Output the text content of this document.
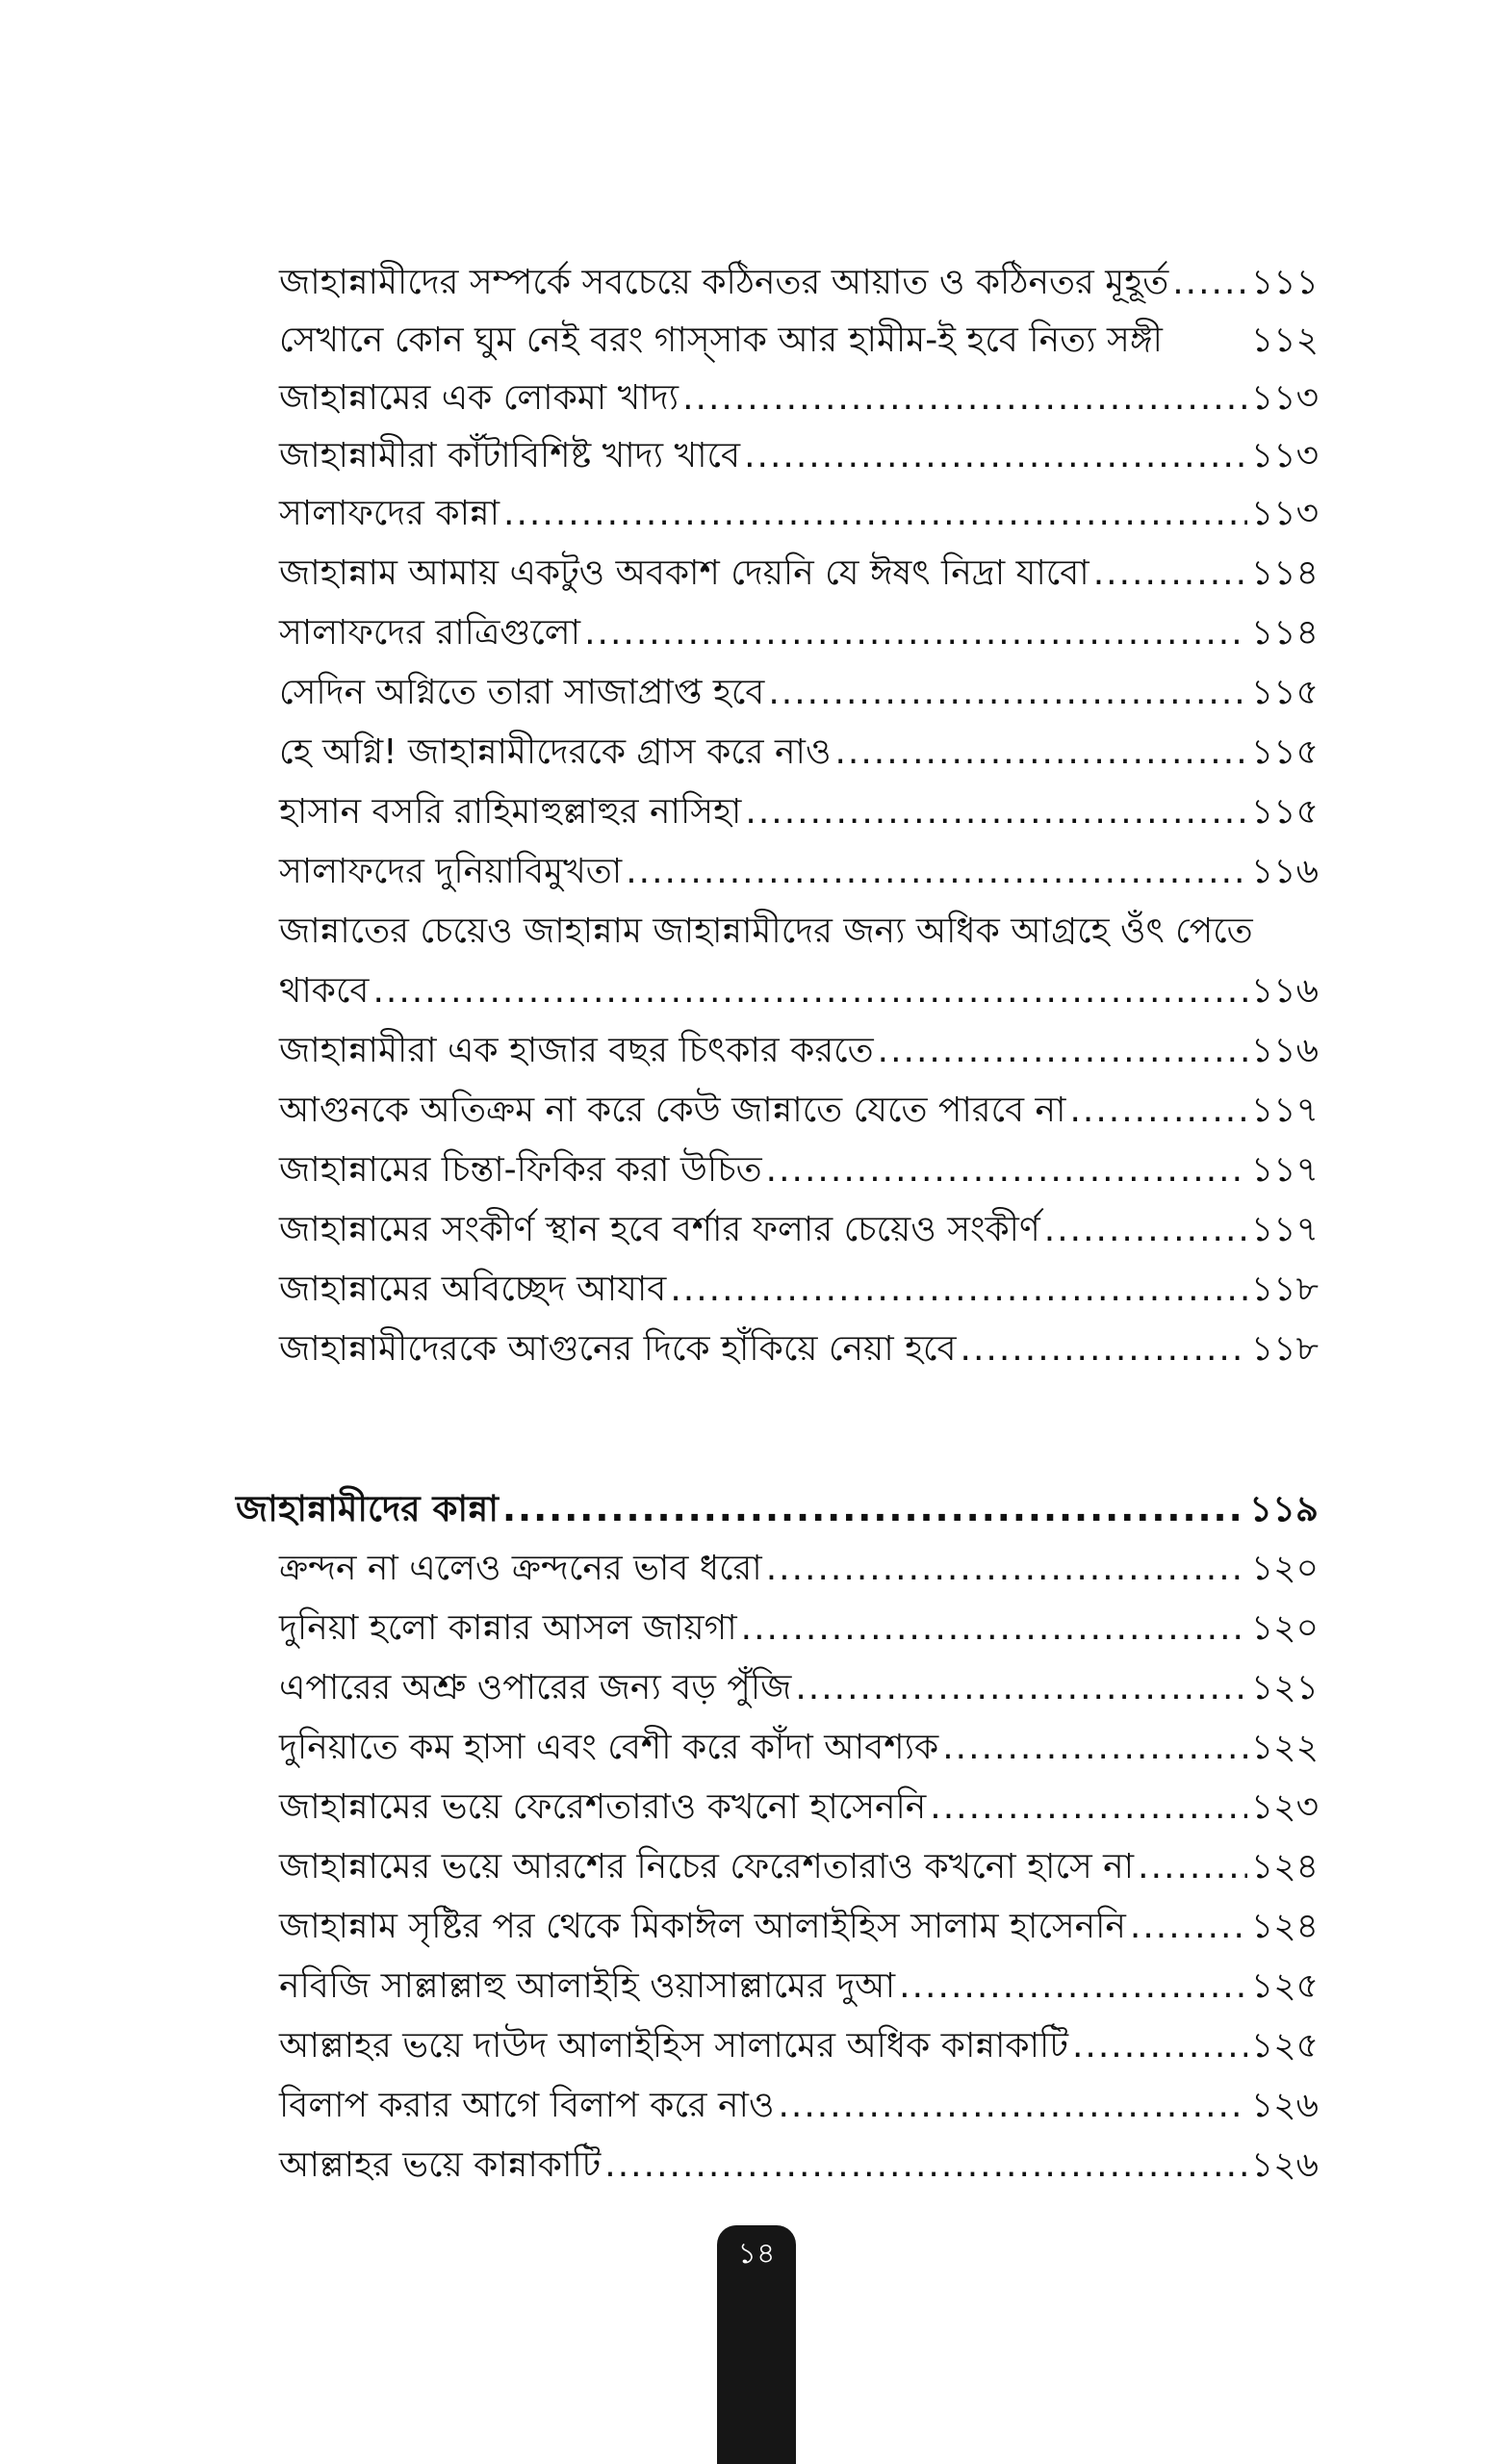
জাহান্নামীদের সম্পর্কে সবচেয়ে কঠিনতর আয়াত ও কঠিনতর মূহূর্ত ..... ১১১
সেখানে কোন ঘুম নেই বরং গাস্সাক আর হামীম-ই হবে নিত্য সঙ্গী	১১২
জাহান্নামের এক লোকমা খাদ্য .....	১১৩
জাহান্নামীরা কাঁটাবিশিষ্ট খাদ্য খাবে .....	১১৩
সালাফদের কান্না .....	১১৩
জাহান্নাম আমায় একটুও অবকাশ দেয়নি যে ঈষৎ নিদ্রা যাবো .....	১১৪
সালাফদের রাত্রিগুলো .....	১১৪
সেদিন অগ্নিতে তারা সাজাপ্রাপ্ত হবে .....	১১৫
হে অগ্নি! জাহান্নামীদেরকে গ্রাস করে নাও .....	১১৫
হাসান বসরি রাহিমাহুল্লাহুর নাসিহা .....	১১৫
সালাফদের দুনিয়াবিমুখতা .....	১১৬
জান্নাতের চেয়েও জাহান্নাম জাহান্নামীদের জন্য অধিক আগ্রহে ওঁৎ পেতে
থাকবে .....	১১৬
জাহান্নামীরা এক হাজার বছর চিৎকার করতে .....	১১৬
আগুনকে অতিক্রম না করে কেউ জান্নাতে যেতে পারবে না .....	১১৭
জাহান্নামের চিন্তা-ফিকির করা উচিত .....	১১৭
জাহান্নামের সংকীর্ণ স্থান হবে বর্শার ফলার চেয়েও সংকীর্ণ .....	১১৭
জাহান্নামের অবিচ্ছেদ আযাব .....	১১৮
জাহান্নামীদেরকে আগুনের দিকে হাঁকিয়ে নেয়া হবে .....	১১৮
জাহান্নামীদের কান্না .....	১১৯
ক্রন্দন না এলেও ক্রন্দনের ভাব ধরো .....	১২০
দুনিয়া হলো কান্নার আসল জায়গা .....	১২০
এপারের অশ্রু ওপারের জন্য বড় পুঁজি .....	১২১
দুনিয়াতে কম হাসা এবং বেশী করে কাঁদা আবশ্যক .....	১২২
জাহান্নামের ভয়ে ফেরেশতারাও কখনো হাসেননি .....	১২৩
জাহান্নামের ভয়ে আরশের নিচের ফেরেশতারাও কখনো হাসে না .....	১২৪
জাহান্নাম সৃষ্টির পর থেকে মিকাঈল আলাইহিস সালাম হাসেননি .....	১২৪
নবিজি সাল্লাল্লাহু আলাইহি ওয়াসাল্লামের দুআ .....	১২৫
আল্লাহর ভয়ে দাউদ আলাইহিস সালামের অধিক কান্নাকাটি .....	১২৫
বিলাপ করার আগে বিলাপ করে নাও .....	১২৬
আল্লাহর ভয়ে কান্নাকাটি .....	১২৬
১৪
